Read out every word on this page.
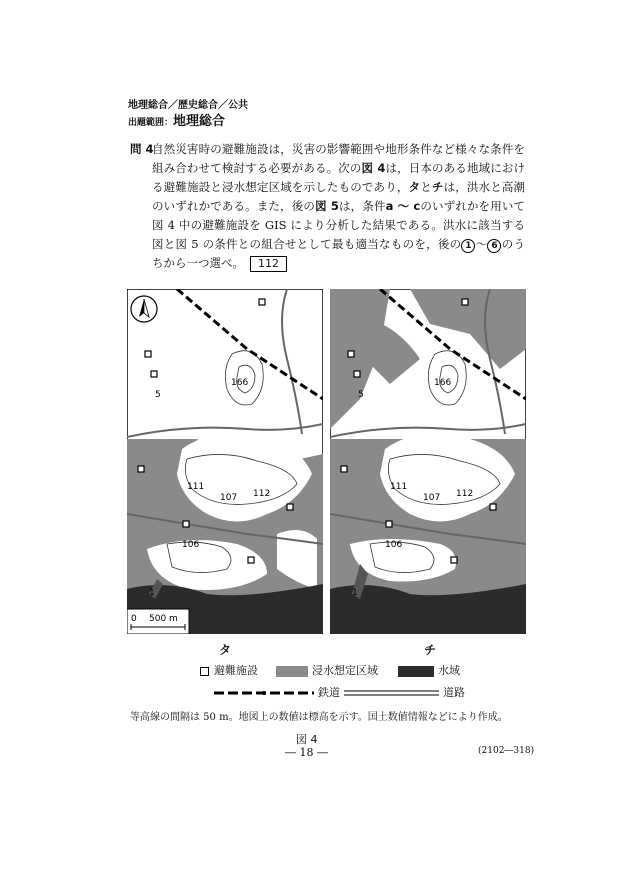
地理総合／歴史総合／公共
出題範囲：地理総合
問 4
自然災害時の避難施設は，災害の影響範囲や地形条件など様々な条件を組み合わせて検討する必要がある。次の図 4は，日本のある地域における避難施設と浸水想定区域を示したものであり，タとチは，洪水と高潮のいずれかである。また，後の図 5は，条件a ～ cのいずれかを用いて図 4 中の避難施設を GIS により分析した結果である。洪水に該当する図と図 5 の条件との組合せとして最も適当なものを，後の 1 ～ 6 のうちから一つ選べ。 112
166
5
111
107 112
106
1
0 500 m
166
5
111
107 112
106
1
タ	チ
避難施設	浸水想定区域	水域
鉄道	道路
等高線の間隔は 50 m。地図上の数値は標高を示す。国土数値情報などにより作成。
図 4
― 18 ―	(2102―318)
